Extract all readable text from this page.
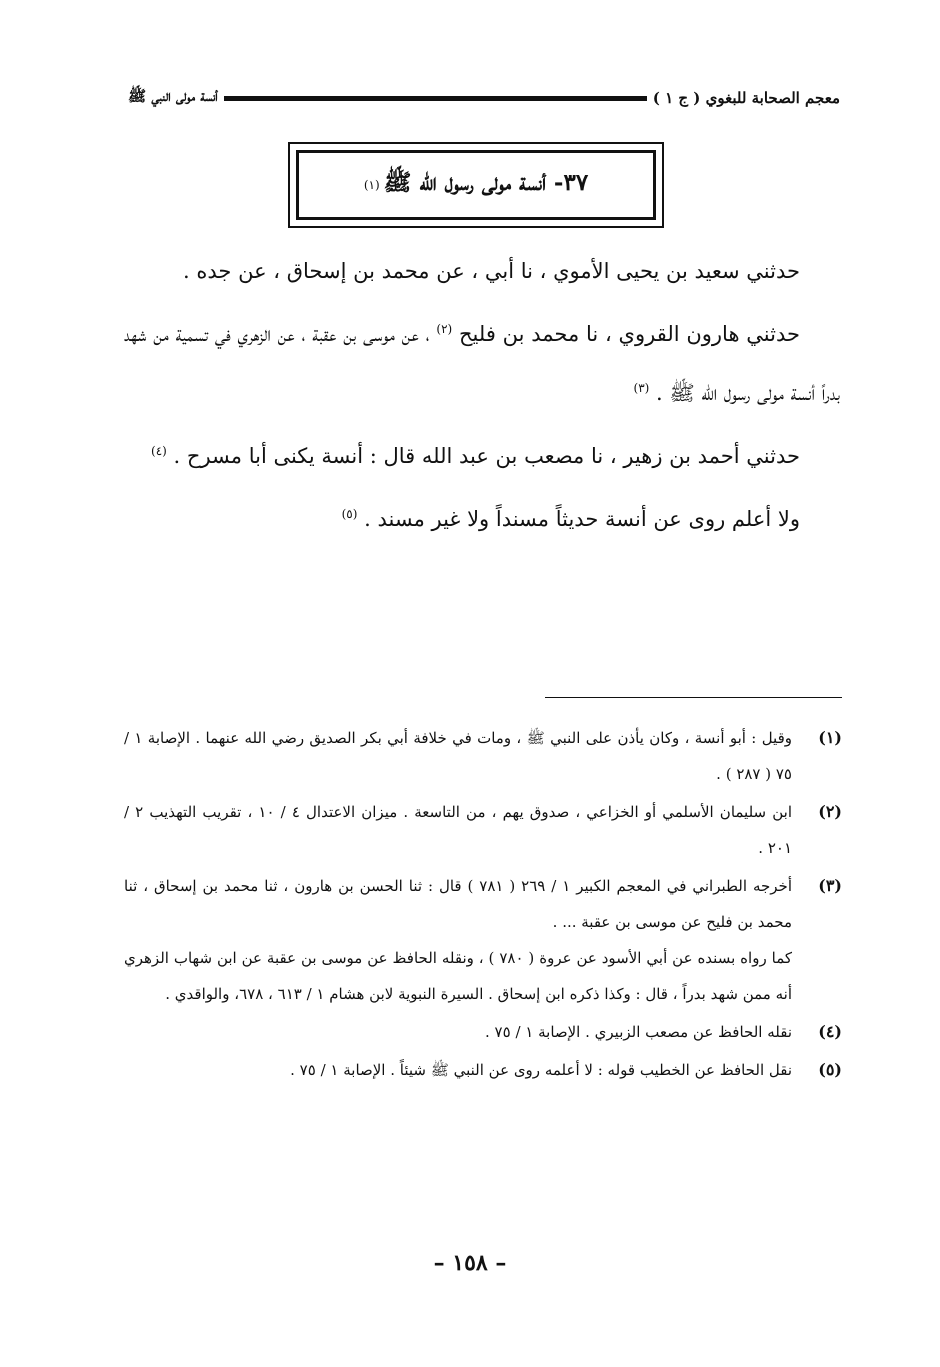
معجم الصحابة للبغوي ( ج ١ )
أنسة مولى النبي ﷺ
٣٧- أنسة مولى رسول الله ﷺ
(١)

حدثني سعيد بن يحيى الأموي ، نا أبي ، عن محمد بن إسحاق ، عن جده .

حدثني هارون القروي ، نا محمد بن فليح $^{(٢)}$ ، عن موسى بن عقبة ، عن الزهري في تسمية من شهد بدراً أنسة مولى رسول الله ﷺ . $^{(٣)}$

حدثني أحمد بن زهير ، نا مصعب بن عبد الله قال : أنسة يكنى أبا مسرح . $^{(٤)}$

ولا أعلم روى عن أنسة حديثاً مسنداً ولا غير مسند . $^{(٥)}$

(١)
وقيل : أبو أنسة ، وكان يأذن على النبي ﷺ ، ومات في خلافة أبي بكر الصديق رضي الله عنهما . الإصابة ١ / ٧٥ ( ٢٨٧ ) .
(٢)
ابن سليمان الأسلمي أو الخزاعي ، صدوق يهم ، من التاسعة . ميزان الاعتدال ٤ / ١٠ ، تقريب التهذيب ٢ / ٢٠١ .
(٣)
أخرجه الطبراني في المعجم الكبير ١ / ٢٦٩ ( ٧٨١ ) قال : ثنا الحسن بن هارون ، ثنا محمد بن إسحاق ، ثنا محمد بن فليح عن موسى بن عقبة ... .
كما رواه بسنده عن أبي الأسود عن عروة ( ٧٨٠ ) ، ونقله الحافظ عن موسى بن عقبة عن ابن شهاب الزهري أنه ممن شهد بدراً ، قال : وكذا ذكره ابن إسحاق . السيرة النبوية لابن هشام ١ / ٦١٣ ، ٦٧٨، والواقدي .
(٤)
نقله الحافظ عن مصعب الزبيري . الإصابة ١ / ٧٥ .
(٥)
نقل الحافظ عن الخطيب قوله : لا أعلمه روى عن النبي ﷺ شيئاً . الإصابة ١ / ٧٥ .
– ١٥٨ –
